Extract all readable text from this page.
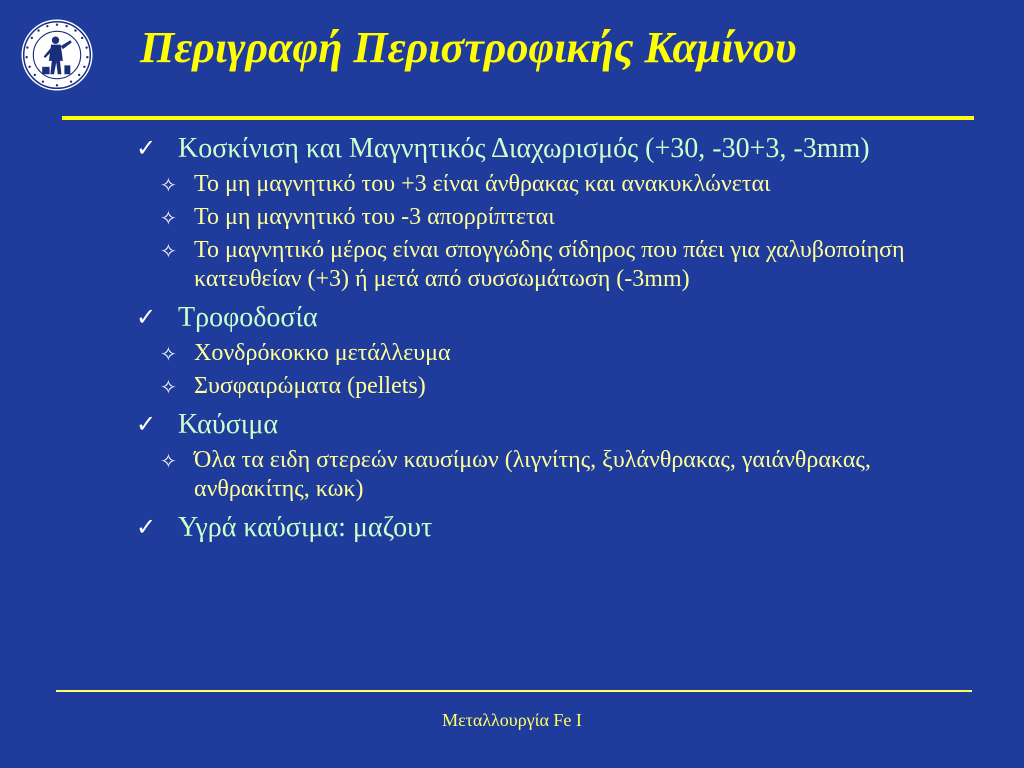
Περιγραφή Περιστροφικής Καμίνου
✓ Κοσκίνιση και Μαγνητικός Διαχωρισμός (+30, -30+3, -3mm)
✧ Το μη μαγνητικό του +3 είναι άνθρακας και ανακυκλώνεται
✧ Το μη μαγνητικό του -3 απορρίπτεται
✧ Το μαγνητικό μέρος είναι σπογγώδης σίδηρος που πάει για χαλυβοποίηση κατευθείαν (+3) ή μετά από συσσωμάτωση (-3mm)
✓ Τροφοδοσία
✧ Χονδρόκοκκο μετάλλευμα
✧ Συσφαιρώματα (pellets)
✓ Καύσιμα
✧ Όλα τα ειδη στερεών καυσίμων (λιγνίτης, ξυλάνθρακας, γαιάνθρακας, ανθρακίτης, κωκ)
✓ Υγρά καύσιμα: μαζουτ
Μεταλλουργία Fe I
